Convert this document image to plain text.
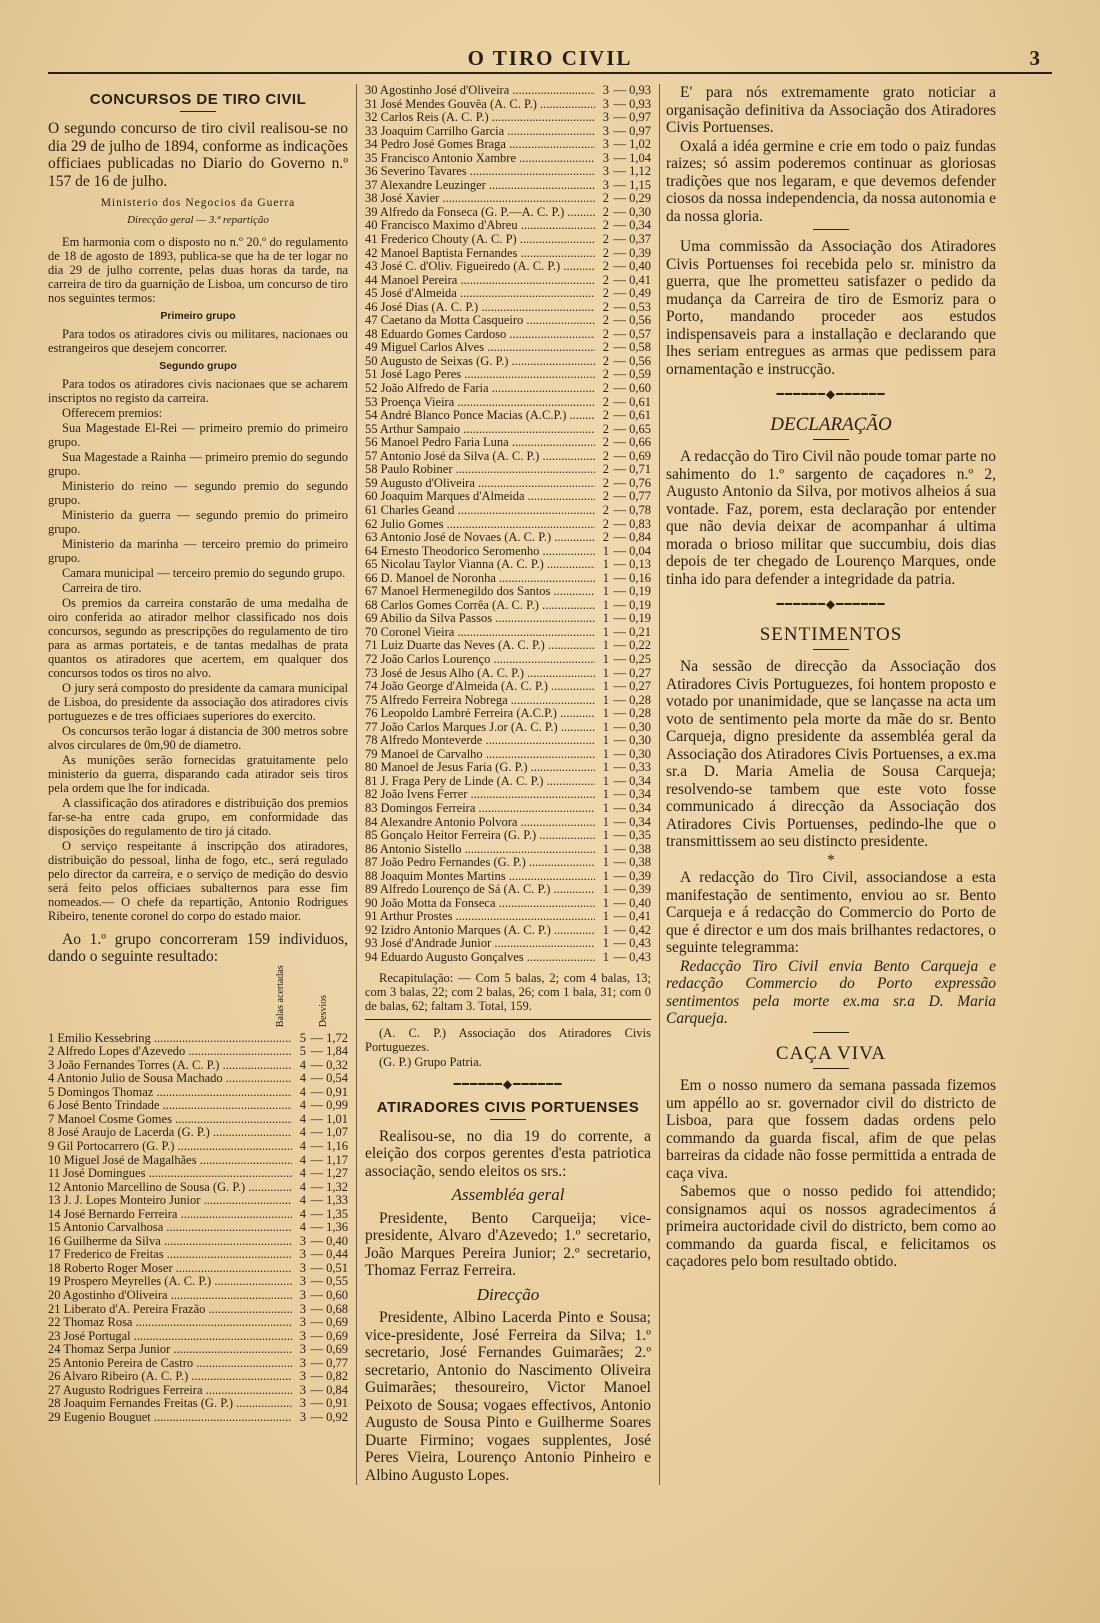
O TIRO CIVIL	3
CONCURSOS DE TIRO CIVIL
O segundo concurso de tiro civil realisou-se no dia 29 de julho de 1894, conforme as indicações officiaes publicadas no Diario do Governo n.º 157 de 16 de julho.
Ministerio dos Negocios da Guerra
Direcção geral — 3.ª repartição

Em harmonia com o disposto no n.º 20.º do regulamento de 18 de agosto de 1893, publica-se que ha de ter logar no dia 29 de julho corrente, pelas duas horas da tarde, na carreira de tiro da guarnição de Lisboa, um concurso de tiro nos seguintes termos:

Primeiro grupo

Para todos os atiradores civis ou militares, nacionaes ou estrangeiros que desejem concorrer.

Segundo grupo

Para todos os atiradores civis nacionaes que se acharem inscriptos no registo da carreira.

Offerecem premios:

Sua Magestade El-Rei — primeiro premio do primeiro grupo.

Sua Magestade a Rainha — primeiro premio do segundo grupo.

Ministerio do reino — segundo premio do segundo grupo.

Ministerio da guerra — segundo premio do primeiro grupo.

Ministerio da marinha — terceiro premio do primeiro grupo.

Camara municipal — terceiro premio do segundo grupo.

Carreira de tiro.

Os premios da carreira constarão de uma medalha de oiro conferida ao atirador melhor classificado nos dois concursos, segundo as prescripções do regulamento de tiro para as armas portateis, e de tantas medalhas de prata quantos os atiradores que acertem, em qualquer dos concursos todos os tiros no alvo.

O jury será composto do presidente da camara municipal de Lisboa, do presidente da associação dos atiradores civis portuguezes e de tres officiaes superiores do exercito.

Os concursos terão logar á distancia de 300 metros sobre alvos circulares de 0m,90 de diametro.

As munições serão fornecidas gratuitamente pelo ministerio da guerra, disparando cada atirador seis tiros pela ordem que lhe for indicada.

A classificação dos atiradores e distribuição dos premios far-se-ha entre cada grupo, em conformidade das disposições do regulamento de tiro já citado.

O serviço respeitante á inscripção dos atiradores, distribuição do pessoal, linha de fogo, etc., será regulado pelo director da carreira, e o serviço de medição do desvio será feito pelos officiaes subalternos para esse fim nomeados.— O chefe da repartição, Antonio Rodrigues Ribeiro, tenente coronel do corpo do estado maior.

Ao 1.º grupo concorreram 159 individuos, dando o seguinte resultado:

Balas acertadas	Desvios
1 Emilio Kessebring .....	5 — 1,72
2 Alfredo Lopes d'Azevedo .....	5 — 1,84
3 João Fernandes Torres (A. C. P.) .....	4 — 0,32
4 Antonio Julio de Sousa Machado .....	4 — 0,54
5 Domingos Thomaz .....	4 — 0,91
6 José Bento Trindade .....	4 — 0,99
7 Manoel Cosme Gomes .....	4 — 1,01
8 José Araujo de Lacerda (G. P.) .....	4 — 1,07
9 Gil Portocarrero (G. P.) .....	4 — 1,16
10 Miguel José de Magalhães .....	4 — 1,17
11 José Domingues .....	4 — 1,27
12 Antonio Marcellino de Sousa (G. P.) .....	4 — 1,32
13 J. J. Lopes Monteiro Junior .....	4 — 1,33
14 José Bernardo Ferreira .....	4 — 1,35
15 Antonio Carvalhosa .....	4 — 1,36
16 Guilherme da Silva .....	3 — 0,40
17 Frederico de Freitas .....	3 — 0,44
18 Roberto Roger Moser .....	3 — 0,51
19 Prospero Meyrelles (A. C. P.) .....	3 — 0,55
20 Agostinho d'Oliveira .....	3 — 0,60
21 Liberato d'A. Pereira Frazão .....	3 — 0,68
22 Thomaz Rosa .....	3 — 0,69
23 José Portugal .....	3 — 0,69
24 Thomaz Serpa Junior .....	3 — 0,69
25 Antonio Pereira de Castro .....	3 — 0,77
26 Alvaro Ribeiro (A. C. P.) .....	3 — 0,82
27 Augusto Rodrigues Ferreira .....	3 — 0,84
28 Joaquim Fernandes Freitas (G. P.) .....	3 — 0,91
29 Eugenio Bouguet .....	3 — 0,92
30 Agostinho José d'Oliveira .....	3 — 0,93
31 José Mendes Gouvêa (A. C. P.) .....	3 — 0,93
32 Carlos Reis (A. C. P.) .....	3 — 0,97
33 Joaquim Carrilho Garcia .....	3 — 0,97
34 Pedro José Gomes Braga .....	3 — 1,02
35 Francisco Antonio Xambre .....	3 — 1,04
36 Severino Tavares .....	3 — 1,12
37 Alexandre Leuzinger .....	3 — 1,15
38 José Xavier .....	2 — 0,29
39 Alfredo da Fonseca (G. P.—A. C. P.) .....	2 — 0,30
40 Francisco Maximo d'Abreu .....	2 — 0,34
41 Frederico Chouty (A. C. P) .....	2 — 0,37
42 Manoel Baptista Fernandes .....	2 — 0,39
43 José C. d'Oliv. Figueiredo (A. C. P.) .....	2 — 0,40
44 Manoel Pereira .....	2 — 0,41
45 José d'Almeida .....	2 — 0,49
46 José Dias (A. C. P.) .....	2 — 0,53
47 Caetano da Motta Casqueiro .....	2 — 0,56
48 Eduardo Gomes Cardoso .....	2 — 0,57
49 Miguel Carlos Alves .....	2 — 0,58
50 Augusto de Seixas (G. P.) .....	2 — 0,56
51 José Lago Peres .....	2 — 0,59
52 João Alfredo de Faria .....	2 — 0,60
53 Proença Vieira .....	2 — 0,61
54 André Blanco Ponce Macias (A.C.P.) .....	2 — 0,61
55 Arthur Sampaio .....	2 — 0,65
56 Manoel Pedro Faria Luna .....	2 — 0,66
57 Antonio José da Silva (A. C. P.) .....	2 — 0,69
58 Paulo Robiner .....	2 — 0,71
59 Augusto d'Oliveira .....	2 — 0,76
60 Joaquim Marques d'Almeida .....	2 — 0,77
61 Charles Geand .....	2 — 0,78
62 Julio Gomes .....	2 — 0,83
63 Antonio José de Novaes (A. C. P.) .....	2 — 0,84
64 Ernesto Theodorico Seromenho .....	1 — 0,04
65 Nicolau Taylor Vianna (A. C. P.) .....	1 — 0,13
66 D. Manoel de Noronha .....	1 — 0,16
67 Manoel Hermenegildo dos Santos .....	1 — 0,19
68 Carlos Gomes Corrêa (A. C. P.) .....	1 — 0,19
69 Abilio da Silva Passos .....	1 — 0,19
70 Coronel Vieira .....	1 — 0,21
71 Luiz Duarte das Neves (A. C. P.) .....	1 — 0,22
72 João Carlos Lourenço .....	1 — 0,25
73 José de Jesus Alho (A. C. P.) .....	1 — 0,27
74 João George d'Almeida (A. C. P.) .....	1 — 0,27
75 Alfredo Ferreira Nobrega .....	1 — 0,28
76 Leopoldo Lambré Ferreira (A.C.P.) .....	1 — 0,28
77 João Carlos Marques J.or (A. C. P.) .....	1 — 0,30
78 Alfredo Monteverde .....	1 — 0,30
79 Manoel de Carvalho .....	1 — 0,30
80 Manoel de Jesus Faria (G. P.) .....	1 — 0,33
81 J. Fraga Pery de Linde (A. C. P.) .....	1 — 0,34
82 João Ivens Ferrer .....	1 — 0,34
83 Domingos Ferreira .....	1 — 0,34
84 Alexandre Antonio Polvora .....	1 — 0,34
85 Gonçalo Heitor Ferreira (G. P.) .....	1 — 0,35
86 Antonio Sistello .....	1 — 0,38
87 João Pedro Fernandes (G. P.) .....	1 — 0,38
88 Joaquim Montes Martins .....	1 — 0,39
89 Alfredo Lourenço de Sá (A. C. P.) .....	1 — 0,39
90 João Motta da Fonseca .....	1 — 0,40
91 Arthur Prostes .....	1 — 0,41
92 Izidro Antonio Marques (A. C. P.) .....	1 — 0,42
93 José d'Andrade Junior .....	1 — 0,43
94 Eduardo Augusto Gonçalves .....	1 — 0,43

Recapitulação: — Com 5 balas, 2; com 4 balas, 13; com 3 balas, 22; com 2 balas, 26; com 1 bala, 31; com 0 de balas, 62; faltam 3. Total, 159.

(A. C. P.) Associação dos Atiradores Civis Portuguezes.

(G. P.) Grupo Patria.

━━━━━━◆━━━━━━
ATIRADORES CIVIS PORTUENSES

Realisou-se, no dia 19 do corrente, a eleição dos corpos gerentes d'esta patriotica associação, sendo eleitos os srs.:

Assembléa geral

Presidente, Bento Carqueija; vice-presidente, Alvaro d'Azevedo; 1.º secretario, João Marques Pereira Junior; 2.º secretario, Thomaz Ferraz Ferreira.

Direcção

Presidente, Albino Lacerda Pinto e Sousa; vice-presidente, José Ferreira da Silva; 1.º secretario, José Fernandes Guimarães; 2.º secretario, Antonio do Nascimento Oliveira Guimarães; thesoureiro, Victor Manoel Peixoto de Sousa; vogaes effectivos, Antonio Augusto de Sousa Pinto e Guilherme Soares Duarte Firmino; vogaes supplentes, José Peres Vieira, Lourenço Antonio Pinheiro e Albino Augusto Lopes.

E' para nós extremamente grato noticiar a organisação definitiva da Associação dos Atiradores Civis Portuenses.

Oxalá a idéa germine e crie em todo o paiz fundas raizes; só assim poderemos continuar as gloriosas tradições que nos legaram, e que devemos defender ciosos da nossa independencia, da nossa autonomia e da nossa gloria.

Uma commissão da Associação dos Atiradores Civis Portuenses foi recebida pelo sr. ministro da guerra, que lhe prometteu satisfazer o pedido da mudança da Carreira de tiro de Esmoriz para o Porto, mandando proceder aos estudos indispensaveis para a installação e declarando que lhes seriam entregues as armas que pedissem para ornamentação e instrucção.

━━━━━━◆━━━━━━
DECLARAÇÃO

A redacção do Tiro Civil não poude tomar parte no sahimento do 1.º sargento de caçadores n.º 2, Augusto Antonio da Silva, por motivos alheios á sua vontade. Faz, porem, esta declaração por entender que não devia deixar de acompanhar á ultima morada o brioso militar que succumbiu, dois dias depois de ter chegado de Lourenço Marques, onde tinha ido para defender a integridade da patria.

━━━━━━◆━━━━━━
SENTIMENTOS

Na sessão de direcção da Associação dos Atiradores Civis Portuguezes, foi hontem proposto e votado por unanimidade, que se lançasse na acta um voto de sentimento pela morte da mãe do sr. Bento Carqueja, digno presidente da assembléa geral da Associação dos Atiradores Civis Portuenses, a ex.ma sr.a D. Maria Amelia de Sousa Carqueja; resolvendo-se tambem que este voto fosse communicado á direcção da Associação dos Atiradores Civis Portuenses, pedindo-lhe que o transmittissem ao seu distincto presidente.

*

A redacção do Tiro Civil, associandose a esta manifestação de sentimento, enviou ao sr. Bento Carqueja e á redacção do Commercio do Porto de que é director e um dos mais brilhantes redactores, o seguinte telegramma:

Redacção Tiro Civil envia Bento Carqueja e redacção Commercio do Porto expressão sentimentos pela morte ex.ma sr.a D. Maria Carqueja.

CAÇA VIVA

Em o nosso numero da semana passada fizemos um appéllo ao sr. governador civil do districto de Lisboa, para que fossem dadas ordens pelo commando da guarda fiscal, afim de que pelas barreiras da cidade não fosse permittida a entrada de caça viva.

Sabemos que o nosso pedido foi attendido; consignamos aqui os nossos agradecimentos á primeira auctoridade civil do districto, bem como ao commando da guarda fiscal, e felicitamos os caçadores pelo bom resultado obtido.
